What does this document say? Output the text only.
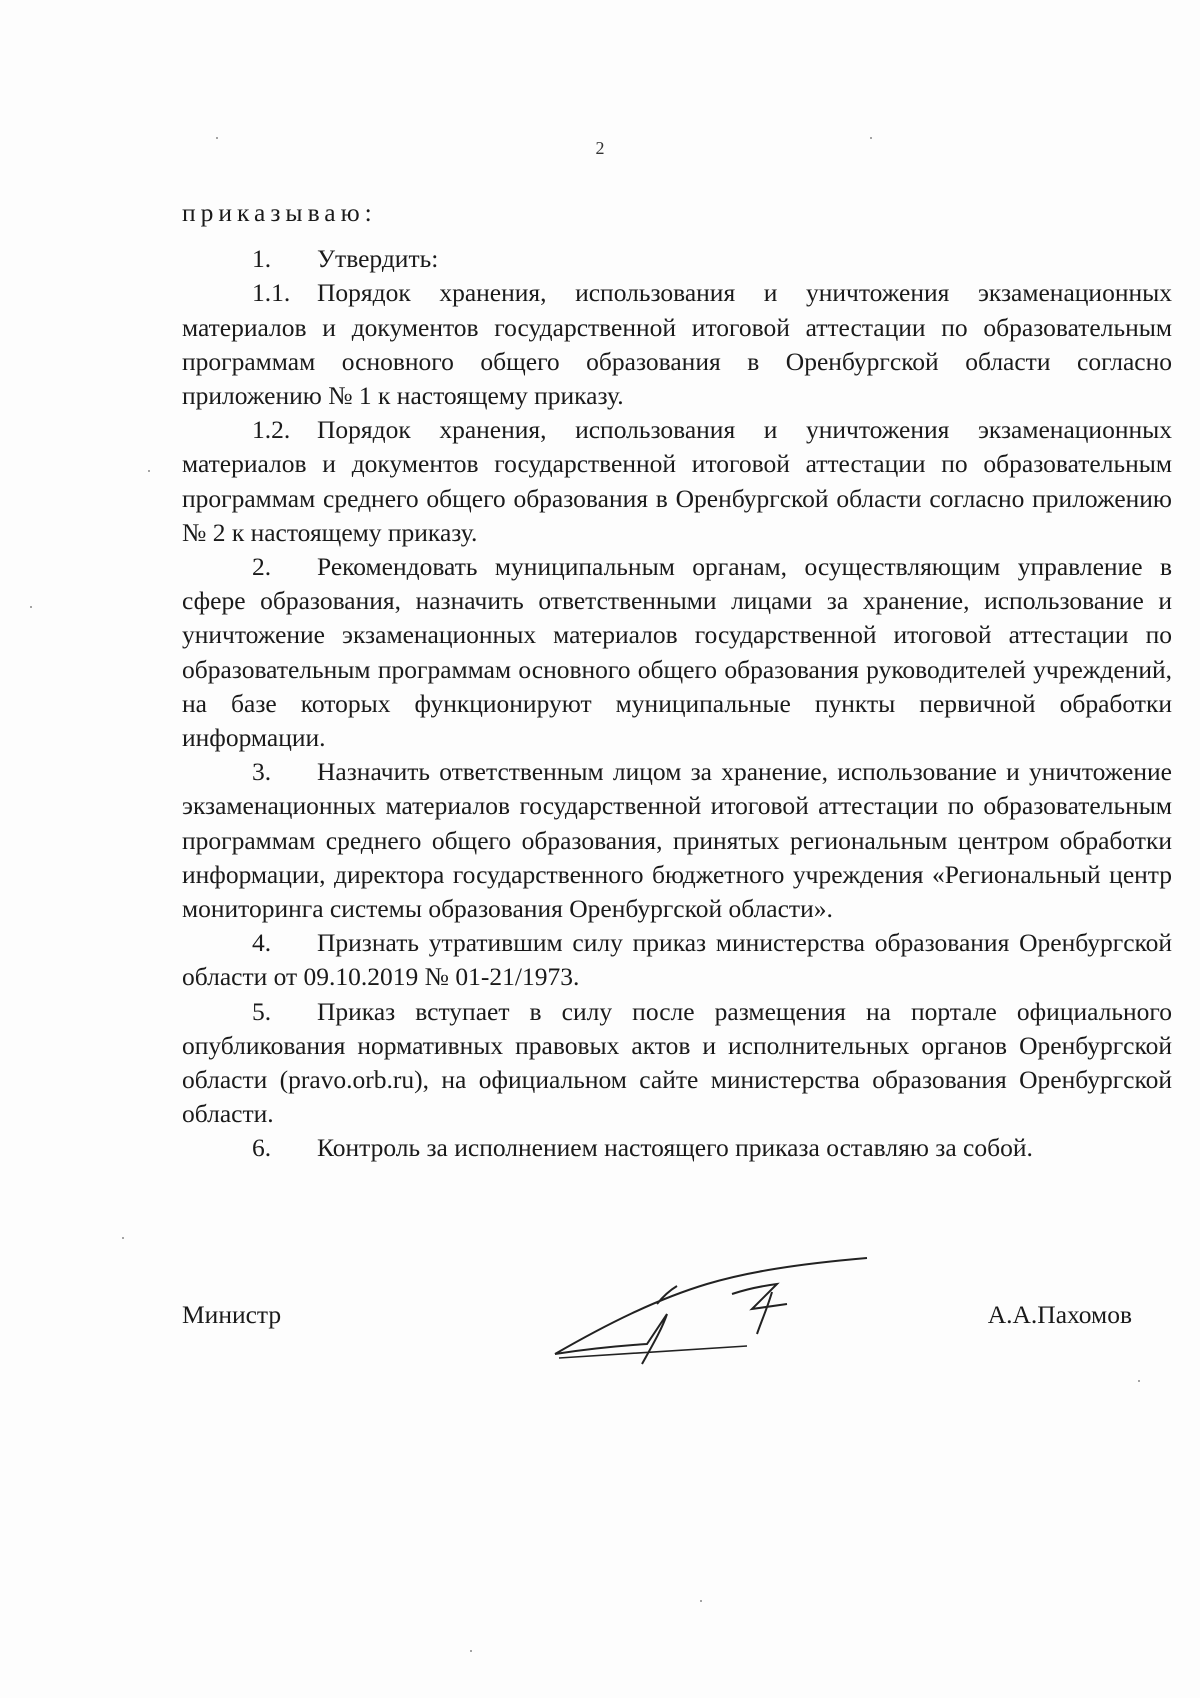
2

приказываю:

1. Утвердить:

1.1. Порядок хранения, использования и уничтожения экзаменационных материалов и документов государственной итоговой аттестации по образовательным программам основного общего образования в Оренбургской области согласно приложению № 1 к настоящему приказу.

1.2. Порядок хранения, использования и уничтожения экзаменационных материалов и документов государственной итоговой аттестации по образовательным программам среднего общего образования в Оренбургской области согласно приложению № 2 к настоящему приказу.

2. Рекомендовать муниципальным органам, осуществляющим управление в сфере образования, назначить ответственными лицами за хранение, использование и уничтожение экзаменационных материалов государственной итоговой аттестации по образовательным программам основного общего образования руководителей учреждений, на базе которых функционируют муниципальные пункты первичной обработки информации.

3. Назначить ответственным лицом за хранение, использование и уничтожение экзаменационных материалов государственной итоговой аттестации по образовательным программам среднего общего образования, принятых региональным центром обработки информации, директора государственного бюджетного учреждения «Региональный центр мониторинга системы образования Оренбургской области».

4. Признать утратившим силу приказ министерства образования Оренбургской области от 09.10.2019 № 01-21/1973.

5. Приказ вступает в силу после размещения на портале официального опубликования нормативных правовых актов и исполнительных органов Оренбургской области (pravo.orb.ru), на официальном сайте министерства образования Оренбургской области.

6. Контроль за исполнением настоящего приказа оставляю за собой.

Министр	А.А.Пахомов
